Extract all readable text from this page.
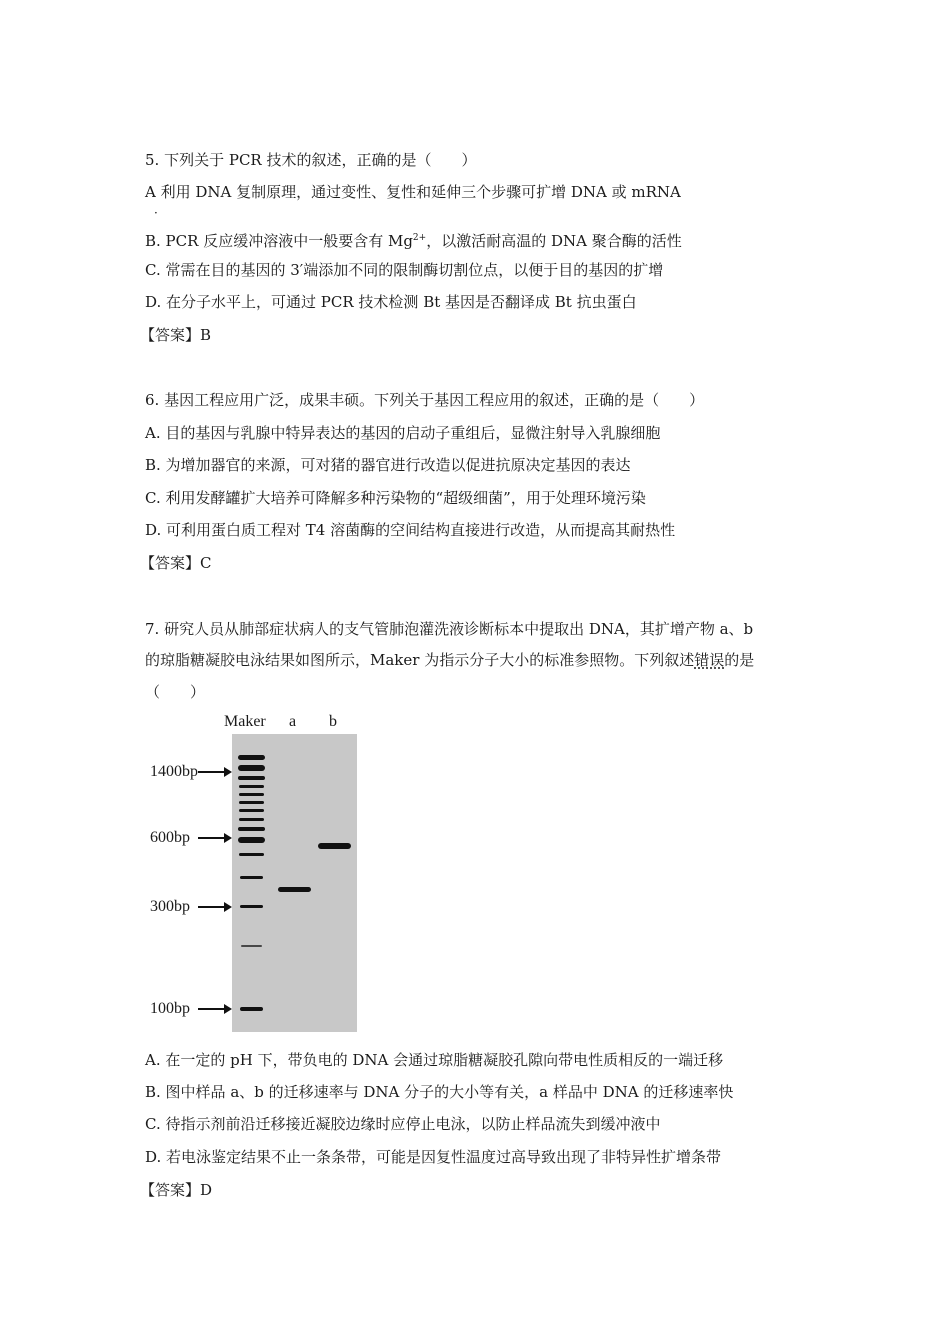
5. 下列关于 PCR 技术的叙述，正确的是（　　）
A 利用 DNA 复制原理，通过变性、复性和延伸三个步骤可扩增 DNA 或 mRNA
·
B. PCR 反应缓冲溶液中一般要含有 $Mg^{2+}$，以激活耐高温的 DNA 聚合酶的活性
C. 常需在目的基因的 3′端添加不同的限制酶切割位点，以便于目的基因的扩增
D. 在分子水平上，可通过 PCR 技术检测 Bt 基因是否翻译成 Bt 抗虫蛋白
【答案】B
6. 基因工程应用广泛，成果丰硕。下列关于基因工程应用的叙述，正确的是（　　）
A. 目的基因与乳腺中特异表达的基因的启动子重组后，显微注射导入乳腺细胞
B. 为增加器官的来源，可对猪的器官进行改造以促进抗原决定基因的表达
C. 利用发酵罐扩大培养可降解多种污染物的“超级细菌”，用于处理环境污染
D. 可利用蛋白质工程对 T4 溶菌酶的空间结构直接进行改造，从而提高其耐热性
【答案】C
7. 研究人员从肺部症状病人的支气管肺泡灌洗液诊断标本中提取出 DNA，其扩增产物 a、b
的琼脂糖凝胶电泳结果如图所示，Maker 为指示分子大小的标准参照物。下列叙述错误的是
（　　）
Maker a b
1400bp
600bp
300bp
100bp
A. 在一定的 pH 下，带负电的 DNA 会通过琼脂糖凝胶孔隙向带电性质相反的一端迁移
B. 图中样品 a、b 的迁移速率与 DNA 分子的大小等有关，a 样品中 DNA 的迁移速率快
C. 待指示剂前沿迁移接近凝胶边缘时应停止电泳，以防止样品流失到缓冲液中
D. 若电泳鉴定结果不止一条条带，可能是因复性温度过高导致出现了非特异性扩增条带
【答案】D
